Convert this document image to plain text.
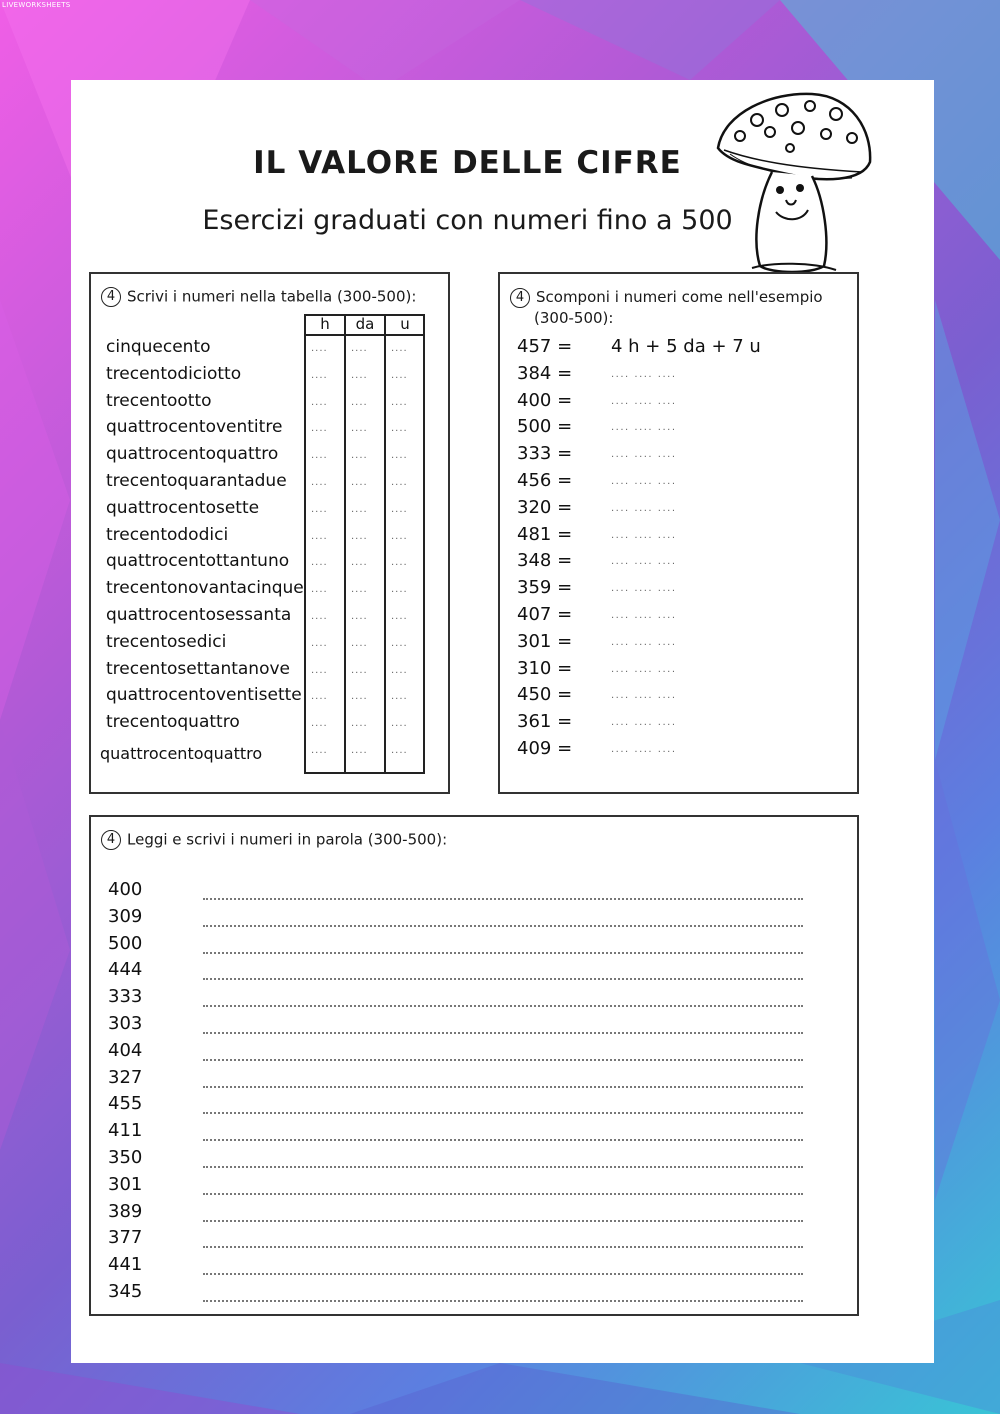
LIVEWORKSHEETS
IL VALORE DELLE CIFRE
Esercizi graduati con numeri fino a 500
4 Scrivi i numeri nella tabella (300-500):
h	da	u
cinquecento	.... .... ....
trecentodiciotto	.... .... ....
trecentootto	.... .... ....
quattrocentoventitre	.... .... ....
quattrocentoquattro	.... .... ....
trecentoquarantadue .... .... ....
quattrocentosette	.... .... ....
trecentododici	.... .... ....
quattrocentottantuno .... .... ....
trecentonovantacinque .... .... ....
quattrocentosessanta .... .... ....
trecentosedici	.... .... ....
trecentosettantanove .... .... ....
quattrocentoventisette .... .... ....
trecentoquattro	.... .... ....
quattrocentoquattro	.... .... ....
4 Scomponi i numeri come nell'esempio
(300-500):
457 = 4 h + 5 da + 7 u
384 =	.... .... ....
400 =	.... .... ....
500 =	.... .... ....
333 =	.... .... ....
456 =	.... .... ....
320 =	.... .... ....
481 =	.... .... ....
348 =	.... .... ....
359 =	.... .... ....
407 =	.... .... ....
301 =	.... .... ....
310 =	.... .... ....
450 =	.... .... ....
361 =	.... .... ....
409 =	.... .... ....
4 Leggi e scrivi i numeri in parola (300-500):
400
309
500
444
333
303
404
327
455
411
350
301
389
377
441
345
